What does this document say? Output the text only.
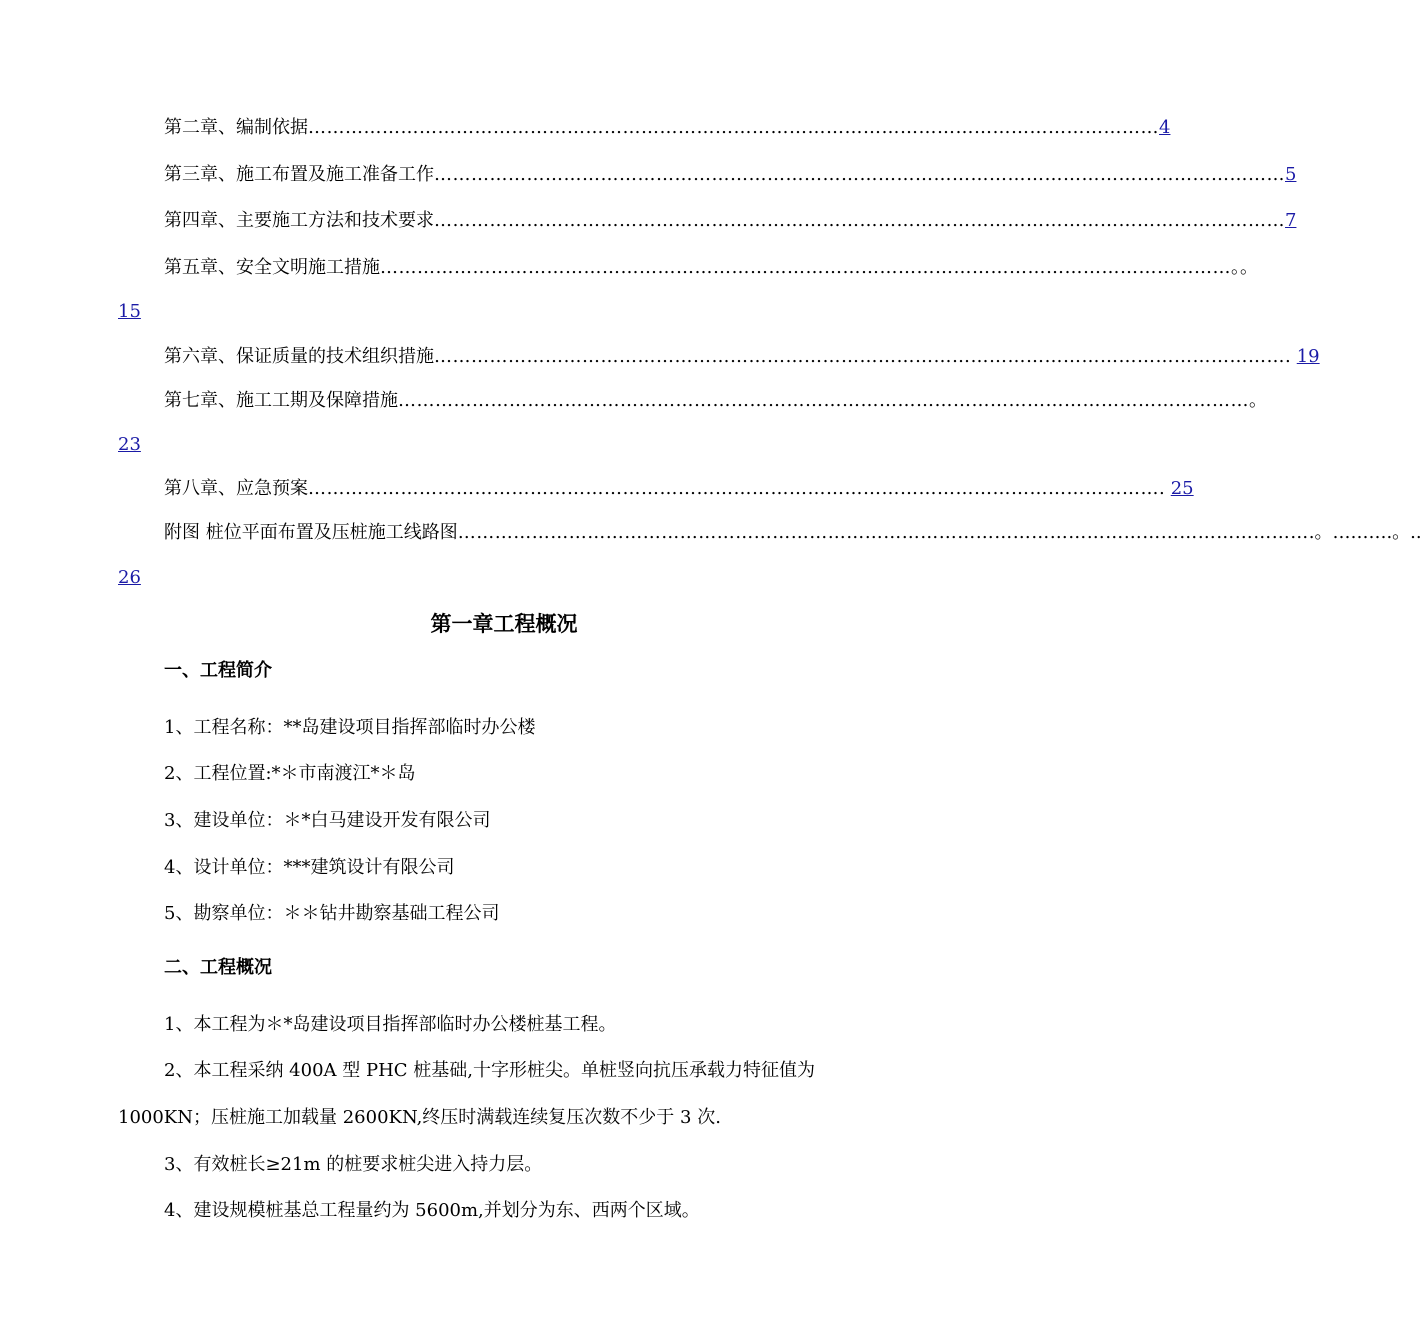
第二章、编制依据 ………………………………………………………………………………………………………………………… 4
第三章、施工布置及施工准备工作 ………………………………………………………………………………………………………………………… 5
第四章、主要施工方法和技术要求 ………………………………………………………………………………………………………………………… 7
第五章、安全文明施工措施 ………………………………………………………………………………………………………………………… 。。
15
第六章、保证质量的技术组织措施 ………………………………………………………………………………………………………………………… . 19
第七章、施工工期及保障措施 ………………………………………………………………………………………………………………………… 。
23
第八章、应急预案 ………………………………………………………………………………………………………………………… . 25
附图 桩位平面布置及压桩施工线路图 ………………………………………………………………………………………………………………………… .。……….。..
26
第一章工程概况
一、工程简介
1、工程名称：**岛建设项目指挥部临时办公楼
2、工程位置:*＊市南渡江*＊岛
3、建设单位：＊*白马建设开发有限公司
4、设计单位：***建筑设计有限公司
5、勘察单位：＊＊钻井勘察基础工程公司
二、工程概况
1、本工程为＊*岛建设项目指挥部临时办公楼桩基工程。
2、本工程采纳 400A 型 PHC 桩基础,十字形桩尖。单桩竖向抗压承载力特征值为
1000KN；压桩施工加载量 2600KN,终压时满载连续复压次数不少于 3 次.
3、有效桩长≥21m 的桩要求桩尖进入持力层。
4、建设规模桩基总工程量约为 5600m,并划分为东、西两个区域。
